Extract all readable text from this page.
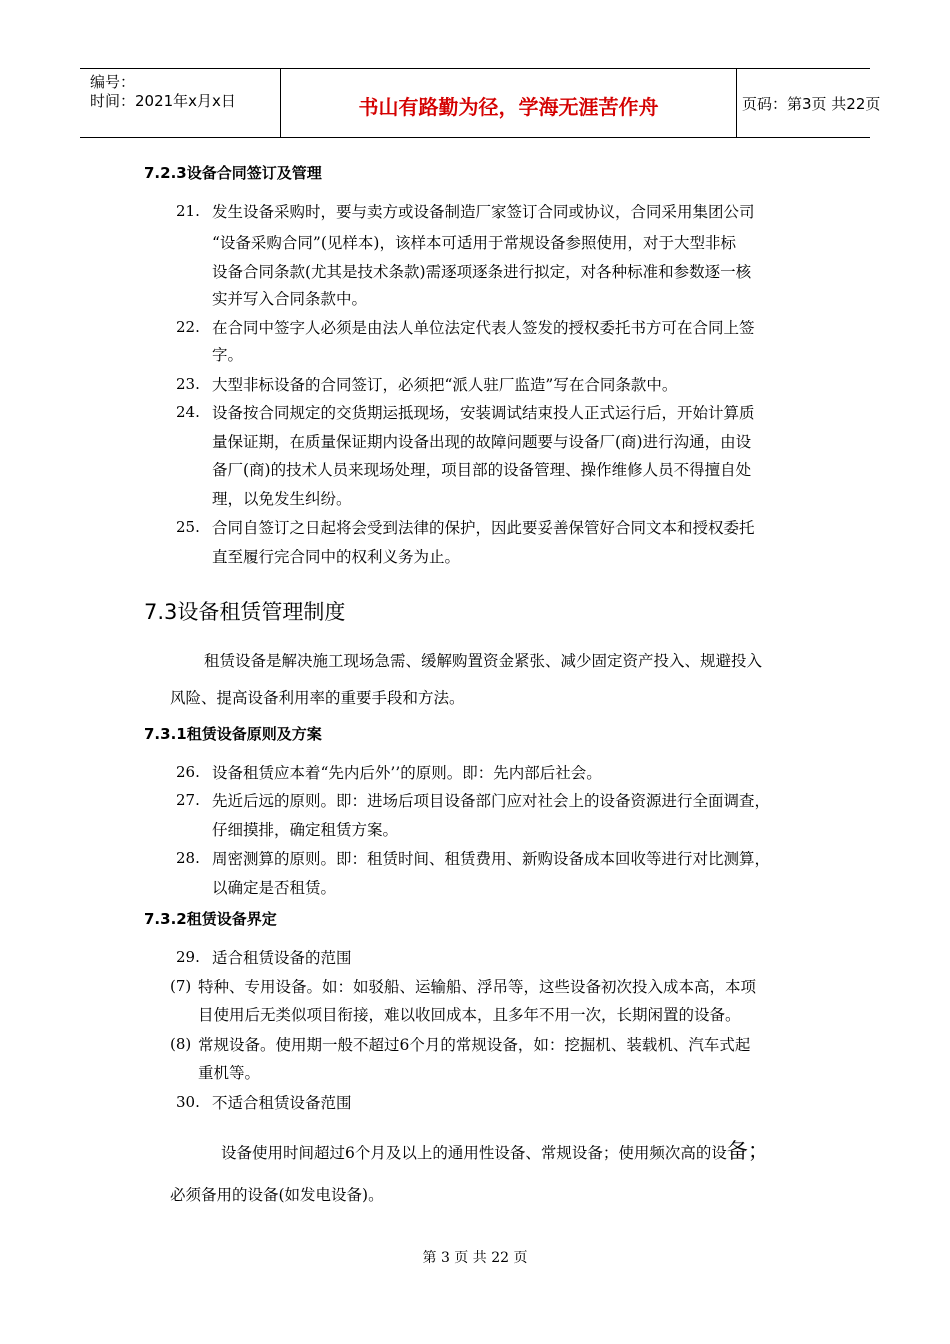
编号：
时间：2021年x月x日	书山有路勤为径，学海无涯苦作舟	页码：第3页 共22页
7.2.3设备合同签订及管理
21. 发生设备采购时，要与卖方或设备制造厂家签订合同或协议，合同采用集团公司
“设备采购合同”(见样本)，该样本可适用于常规设备参照使用，对于大型非标
设备合同条款(尤其是技术条款)需逐项逐条进行拟定，对各种标准和参数逐一核
实并写入合同条款中。
22. 在合同中签字人必须是由法人单位法定代表人签发的授权委托书方可在合同上签
字。
23. 大型非标设备的合同签订，必须把“派人驻厂监造”写在合同条款中。
24. 设备按合同规定的交货期运抵现场，安装调试结束投人正式运行后，开始计算质
量保证期，在质量保证期内设备出现的故障问题要与设备厂(商)进行沟通，由设
备厂(商)的技术人员来现场处理，项目部的设备管理、操作维修人员不得擅自处
理，以免发生纠纷。
25. 合同自签订之日起将会受到法律的保护，因此要妥善保管好合同文本和授权委托
直至履行完合同中的权利义务为止。
7.3设备租赁管理制度
租赁设备是解决施工现场急需、缓解购置资金紧张、减少固定资产投入、规避投入
风险、提高设备利用率的重要手段和方法。
7.3.1租赁设备原则及方案
26. 设备租赁应本着“先内后外’’的原则。即：先内部后社会。
27. 先近后远的原则。即：进场后项目设备部门应对社会上的设备资源进行全面调查，
仔细摸排，确定租赁方案。
28. 周密测算的原则。即：租赁时间、租赁费用、新购设备成本回收等进行对比测算，
以确定是否租赁。
7.3.2租赁设备界定
29. 适合租赁设备的范围
(7) 特种、专用设备。如：如驳船、运输船、浮吊等，这些设备初次投入成本高，本项
目使用后无类似项目衔接，难以收回成本，且多年不用一次，长期闲置的设备。
(8) 常规设备。使用期一般不超过6个月的常规设备，如：挖掘机、装载机、汽车式起
重机等。
30. 不适合租赁设备范围
设备使用时间超过6个月及以上的通用性设备、常规设备；使用频次高的设备；
必须备用的设备(如发电设备)。
第 3 页 共 22 页
